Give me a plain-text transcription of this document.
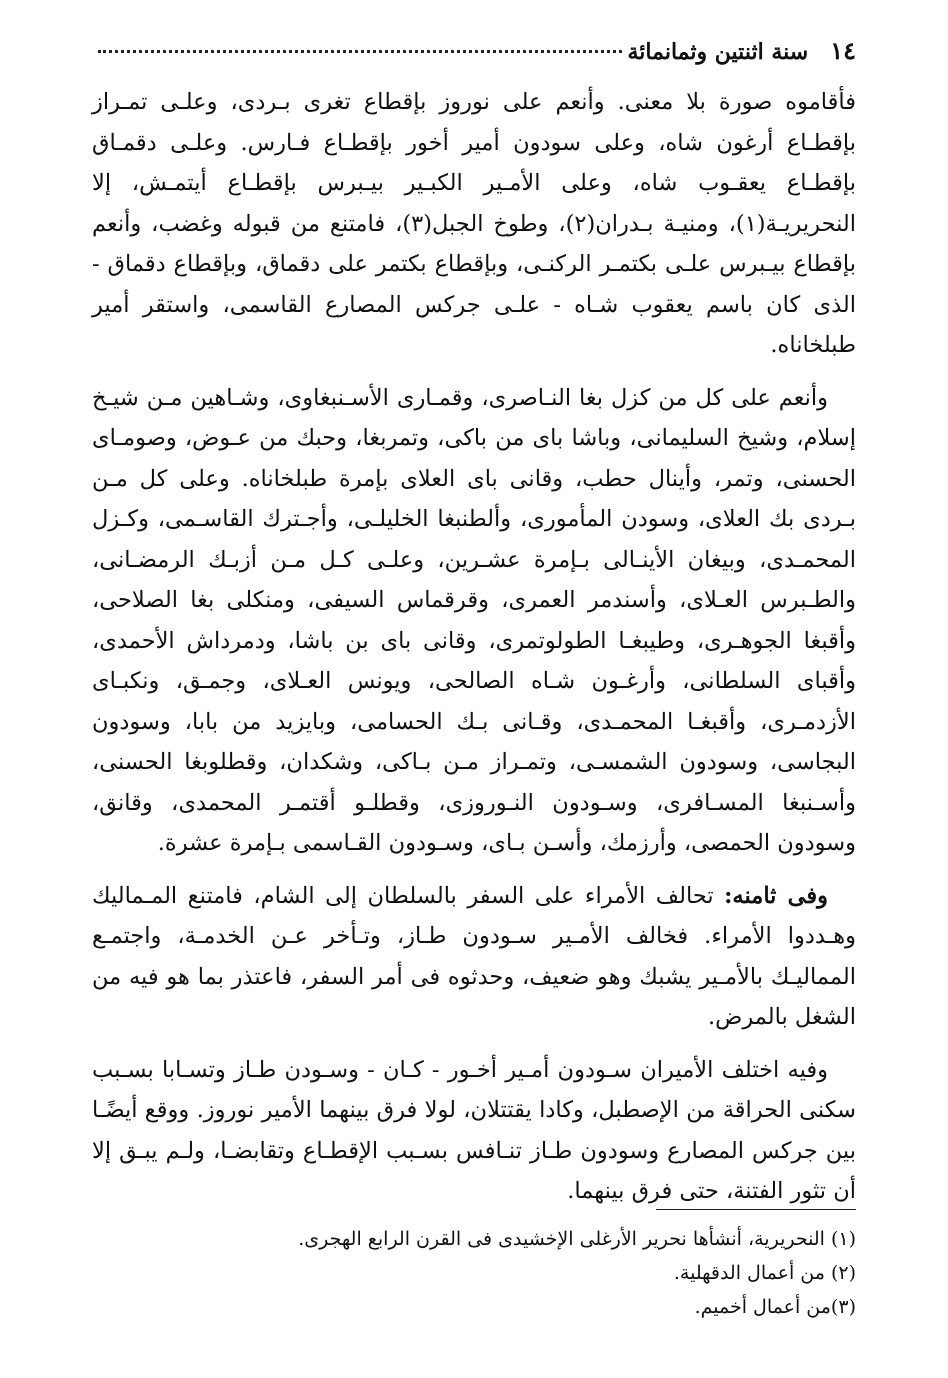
١٤
سنة اثنتين وثمانمائة

فأقاموه صورة بلا معنى. وأنعم على نوروز بإقطاع تغرى بـردى، وعلـى تمـراز بإقطـاع أرغون شاه، وعلى سودون أمير أخور بإقطـاع فـارس. وعلـى دقمـاق بإقطـاع يعقـوب شاه، وعلى الأمـير الكبـير بيـبرس بإقطـاع أيتمـش، إلا النحريريـة(١)، ومنيـة بـدران(٢)، وطوخ الجبل(٣)، فامتنع من قبوله وغضب، وأنعم بإقطاع بيـبرس علـى بكتمـر الركنـى، وبإقطاع بكتمر على دقماق، وبإقطاع دقماق - الذى كان باسم يعقوب شـاه - علـى جركس المصارع القاسمى، واستقر أمير طبلخاناه.

وأنعم على كل من كزل بغا النـاصرى، وقمـارى الأسـنبغاوى، وشـاهين مـن شيـخ إسلام، وشيخ السليمانى، وباشا باى من باكى، وتمربغا، وحبك من عـوض، وصومـاى الحسنى، وتمر، وأينال حطب، وقانى باى العلاى بإمرة طبلخاناه. وعلى كل مـن بـردى بك العلاى، وسودن المأمورى، وألطنبغا الخليلـى، وأجـترك القاسـمى، وكـزل المحمـدى، وبيغان الأينـالى بـإمرة عشـرين، وعلـى كـل مـن أزبـك الرمضـانى، والطـبرس العـلاى، وأسندمر العمرى، وقرقماس السيفى، ومنكلى بغا الصلاحى، وأقبغا الجوهـرى، وطيبغـا الطولوتمرى، وقانى باى بن باشا، ودمرداش الأحمدى، وأقباى السلطانى، وأرغـون شـاه الصالحى، ويونس العـلاى، وجمـق، ونكبـاى الأزدمـرى، وأقبغـا المحمـدى، وقـانى بـك الحسامى، وبايزيد من بابا، وسودون البجاسى، وسودون الشمسـى، وتمـراز مـن بـاكى، وشكدان، وقطلوبغا الحسنى، وأسـنبغا المسـافرى، وسـودون النـوروزى، وقطلـو أقتمـر المحمدى، وقانق، وسودون الحمصى، وأرزمك، وأسـن بـاى، وسـودون القـاسمى بـإمرة عشرة.

وفى ثامنه: تحالف الأمراء على السفر بالسلطان إلى الشام، فامتنع المـماليك وهـددوا الأمراء. فخالف الأمـير سـودون طـاز، وتـأخر عـن الخدمـة، واجتمـع المماليـك بالأمـير يشبك وهو ضعيف، وحدثوه فى أمر السفر، فاعتذر بما هو فيه من الشغل بالمرض.

وفيه اختلف الأميران سـودون أمـير أخـور - كـان - وسـودن طـاز وتسـابا بسـبب سكنى الحراقة من الإصطبل، وكادا يقتتلان، لولا فرق بينهما الأمير نوروز. ووقع أيضًـا بين جركس المصارع وسودون طـاز تنـافس بسـبب الإقطـاع وتقابضـا، ولـم يبـق إلا أن تثور الفتنة، حتى فرق بينهما.

(١) النحريرية، أنشأها نحرير الأرغلى الإخشيدى فى القرن الرابع الهجرى.

(٢) من أعمال الدقهلية.

(٣)من أعمال أخميم.
